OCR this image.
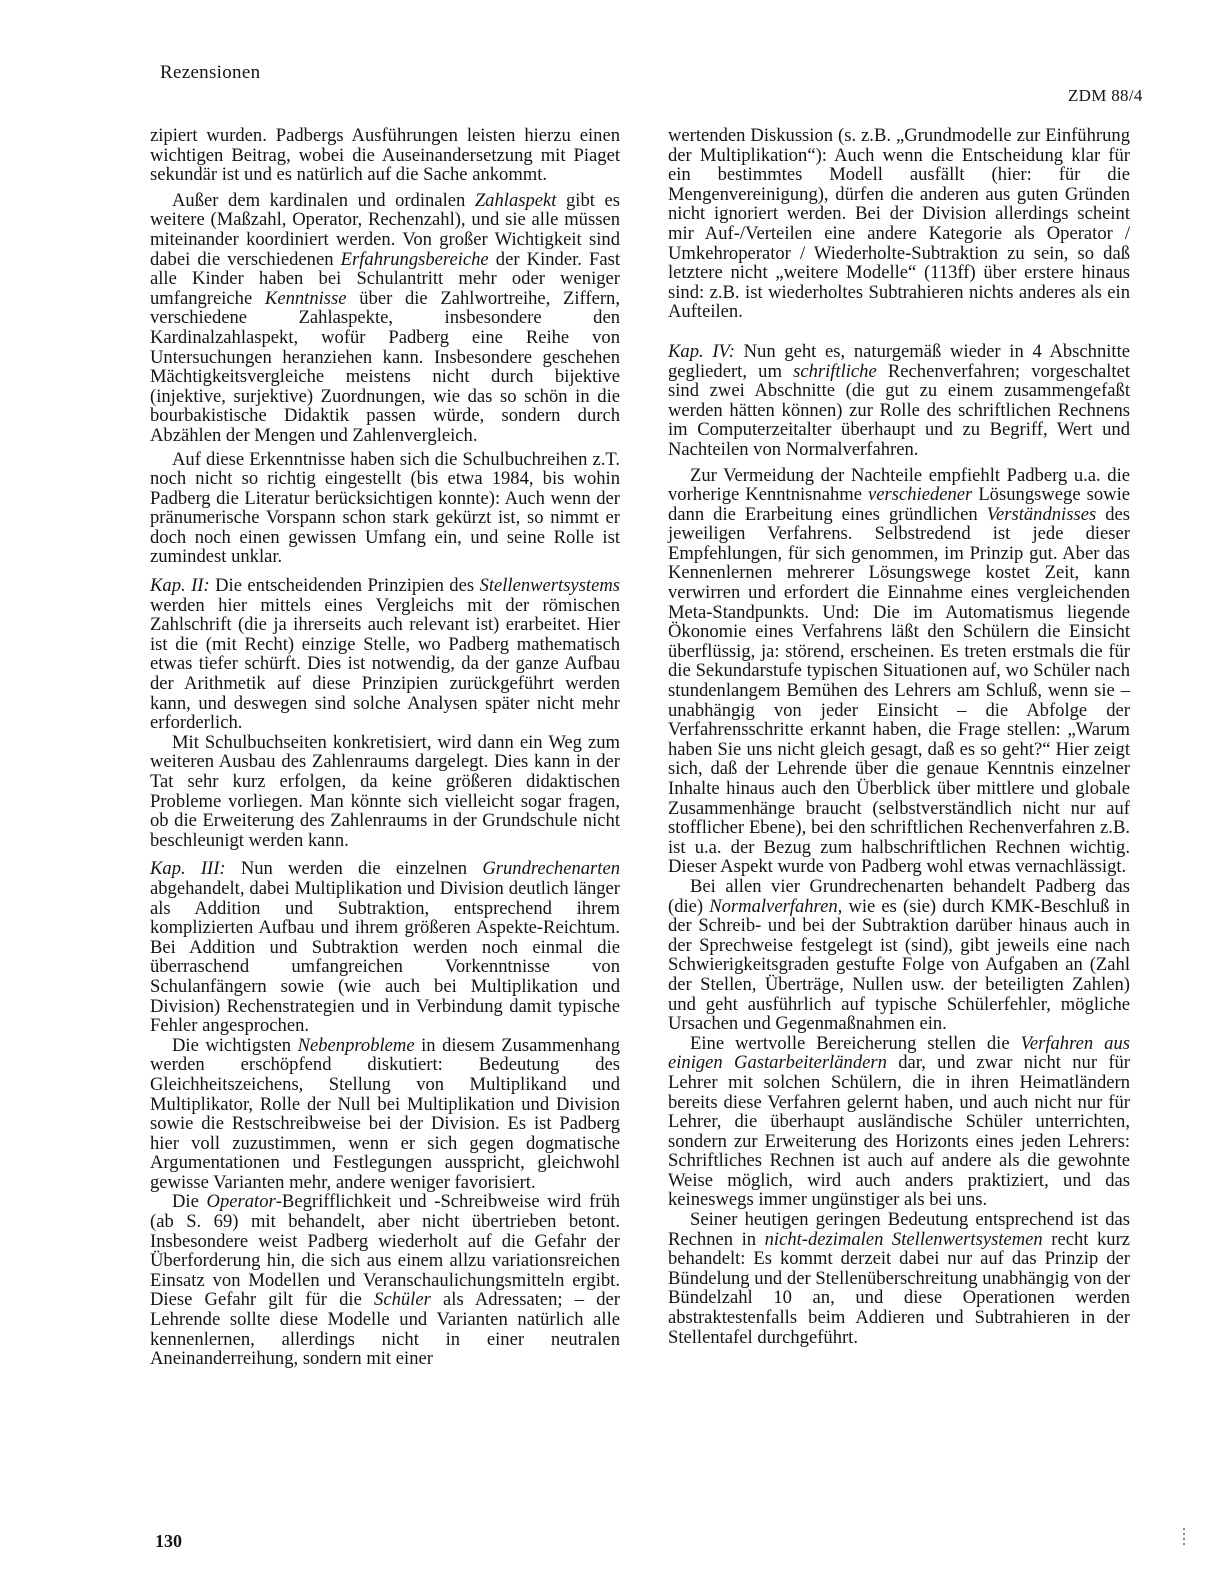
Rezensionen
ZDM 88/4

zipiert wurden. Padbergs Ausführungen leisten hierzu einen wichtigen Beitrag, wobei die Auseinandersetzung mit Piaget sekundär ist und es natürlich auf die Sache ankommt.

Außer dem kardinalen und ordinalen Zahlaspekt gibt es weitere (Maßzahl, Operator, Rechenzahl), und sie alle müssen miteinander koordiniert werden. Von großer Wichtigkeit sind dabei die verschiedenen Erfahrungsbereiche der Kinder. Fast alle Kinder haben bei Schulantritt mehr oder weniger umfangreiche Kenntnisse über die Zahlwortreihe, Ziffern, verschiedene Zahlaspekte, insbesondere den Kardinalzahlaspekt, wofür Padberg eine Reihe von Untersuchungen heranziehen kann. Insbesondere geschehen Mächtigkeitsvergleiche meistens nicht durch bijektive (injektive, surjektive) Zuordnungen, wie das so schön in die bourbakistische Didaktik passen würde, sondern durch Abzählen der Mengen und Zahlenvergleich.

Auf diese Erkenntnisse haben sich die Schulbuchreihen z.T. noch nicht so richtig eingestellt (bis etwa 1984, bis wohin Padberg die Literatur berücksichtigen konnte): Auch wenn der pränumerische Vorspann schon stark gekürzt ist, so nimmt er doch noch einen gewissen Umfang ein, und seine Rolle ist zumindest unklar.

Kap. II: Die entscheidenden Prinzipien des Stellenwertsystems werden hier mittels eines Vergleichs mit der römischen Zahlschrift (die ja ihrerseits auch relevant ist) erarbeitet. Hier ist die (mit Recht) einzige Stelle, wo Padberg mathematisch etwas tiefer schürft. Dies ist notwendig, da der ganze Aufbau der Arithmetik auf diese Prinzipien zurückgeführt werden kann, und deswegen sind solche Analysen später nicht mehr erforderlich.

Mit Schulbuchseiten konkretisiert, wird dann ein Weg zum weiteren Ausbau des Zahlenraums dargelegt. Dies kann in der Tat sehr kurz erfolgen, da keine größeren didaktischen Probleme vorliegen. Man könnte sich vielleicht sogar fragen, ob die Erweiterung des Zahlenraums in der Grundschule nicht beschleunigt werden kann.

Kap. III: Nun werden die einzelnen Grundrechenarten abgehandelt, dabei Multiplikation und Division deutlich länger als Addition und Subtraktion, entsprechend ihrem komplizierten Aufbau und ihrem größeren Aspekte-Reichtum. Bei Addition und Subtraktion werden noch einmal die überraschend umfangreichen Vorkenntnisse von Schulanfängern sowie (wie auch bei Multiplikation und Division) Rechenstrategien und in Verbindung damit typische Fehler angesprochen.

Die wichtigsten Nebenprobleme in diesem Zusammenhang werden erschöpfend diskutiert: Bedeutung des Gleichheitszeichens, Stellung von Multiplikand und Multiplikator, Rolle der Null bei Multiplikation und Division sowie die Restschreibweise bei der Division. Es ist Padberg hier voll zuzustimmen, wenn er sich gegen dogmatische Argumentationen und Festlegungen ausspricht, gleichwohl gewisse Varianten mehr, andere weniger favorisiert.

Die Operator-Begrifflichkeit und -Schreibweise wird früh (ab S. 69) mit behandelt, aber nicht übertrieben betont. Insbesondere weist Padberg wiederholt auf die Gefahr der Überforderung hin, die sich aus einem allzu variationsreichen Einsatz von Modellen und Veranschaulichungsmitteln ergibt. Diese Gefahr gilt für die Schüler als Adressaten; – der Lehrende sollte diese Modelle und Varianten natürlich alle kennenlernen, allerdings nicht in einer neutralen Aneinanderreihung, sondern mit einer

wertenden Diskussion (s. z.B. „Grundmodelle zur Einführung der Multiplikation“): Auch wenn die Entscheidung klar für ein bestimmtes Modell ausfällt (hier: für die Mengenvereinigung), dürfen die anderen aus guten Gründen nicht ignoriert werden. Bei der Division allerdings scheint mir Auf-/Verteilen eine andere Kategorie als Operator / Umkehroperator / Wiederholte-Subtraktion zu sein, so daß letztere nicht „weitere Modelle“ (113ff) über erstere hinaus sind: z.B. ist wiederholtes Subtrahieren nichts anderes als ein Aufteilen.

Kap. IV: Nun geht es, naturgemäß wieder in 4 Abschnitte gegliedert, um schriftliche Rechenverfahren; vorgeschaltet sind zwei Abschnitte (die gut zu einem zusammengefaßt werden hätten können) zur Rolle des schriftlichen Rechnens im Computerzeitalter überhaupt und zu Begriff, Wert und Nachteilen von Normalverfahren.

Zur Vermeidung der Nachteile empfiehlt Padberg u.a. die vorherige Kenntnisnahme verschiedener Lösungswege sowie dann die Erarbeitung eines gründlichen Verständnisses des jeweiligen Verfahrens. Selbstredend ist jede dieser Empfehlungen, für sich genommen, im Prinzip gut. Aber das Kennenlernen mehrerer Lösungswege kostet Zeit, kann verwirren und erfordert die Einnahme eines vergleichenden Meta-Standpunkts. Und: Die im Automatismus liegende Ökonomie eines Verfahrens läßt den Schülern die Einsicht überflüssig, ja: störend, erscheinen. Es treten erstmals die für die Sekundarstufe typischen Situationen auf, wo Schüler nach stundenlangem Bemühen des Lehrers am Schluß, wenn sie – unabhängig von jeder Einsicht – die Abfolge der Verfahrensschritte erkannt haben, die Frage stellen: „Warum haben Sie uns nicht gleich gesagt, daß es so geht?“ Hier zeigt sich, daß der Lehrende über die genaue Kenntnis einzelner Inhalte hinaus auch den Überblick über mittlere und globale Zusammenhänge braucht (selbstverständlich nicht nur auf stofflicher Ebene), bei den schriftlichen Rechenverfahren z.B. ist u.a. der Bezug zum halbschriftlichen Rechnen wichtig. Dieser Aspekt wurde von Padberg wohl etwas vernachlässigt.

Bei allen vier Grundrechenarten behandelt Padberg das (die) Normalverfahren, wie es (sie) durch KMK-Beschluß in der Schreib- und bei der Subtraktion darüber hinaus auch in der Sprechweise festgelegt ist (sind), gibt jeweils eine nach Schwierigkeitsgraden gestufte Folge von Aufgaben an (Zahl der Stellen, Überträge, Nullen usw. der beteiligten Zahlen) und geht ausführlich auf typische Schülerfehler, mögliche Ursachen und Gegenmaßnahmen ein.

Eine wertvolle Bereicherung stellen die Verfahren aus einigen Gastarbeiterländern dar, und zwar nicht nur für Lehrer mit solchen Schülern, die in ihren Heimatländern bereits diese Verfahren gelernt haben, und auch nicht nur für Lehrer, die überhaupt ausländische Schüler unterrichten, sondern zur Erweiterung des Horizonts eines jeden Lehrers: Schriftliches Rechnen ist auch auf andere als die gewohnte Weise möglich, wird auch anders praktiziert, und das keineswegs immer ungünstiger als bei uns.

Seiner heutigen geringen Bedeutung entsprechend ist das Rechnen in nicht-dezimalen Stellenwertsystemen recht kurz behandelt: Es kommt derzeit dabei nur auf das Prinzip der Bündelung und der Stellenüberschreitung unabhängig von der Bündelzahl 10 an, und diese Operationen werden abstraktestenfalls beim Addieren und Subtrahieren in der Stellentafel durchgeführt.

130
